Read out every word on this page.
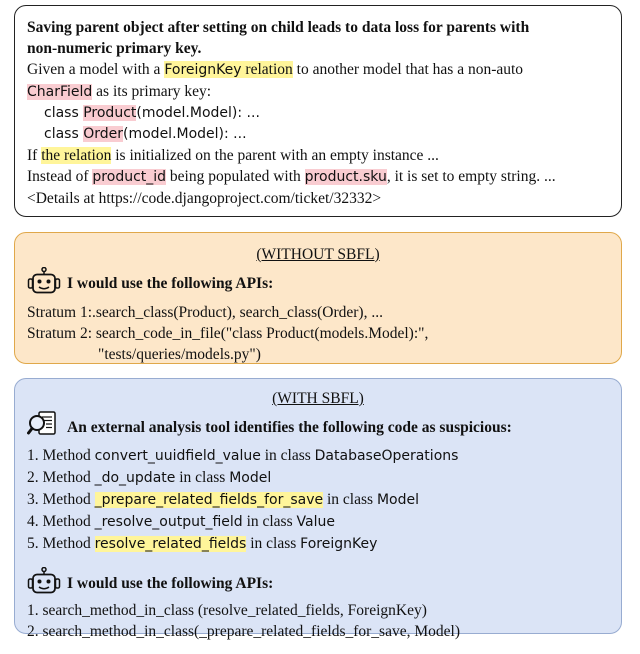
Saving parent object after setting on child leads to data loss for parents with
non-numeric primary key.
Given a model with a ForeignKey relation to another model that has a non-auto
CharField as its primary key:
class Product(model.Model): ...
class Order(model.Model): ...
If the relation is initialized on the parent with an empty instance ...
Instead of product_id being populated with product.sku, it is set to empty string. ...
<Details at https://code.djangoproject.com/ticket/32332>
(WITHOUT SBFL)
I would use the following APIs:
Stratum 1:.search_class(Product), search_class(Order), ...
Stratum 2: search_code_in_file("class Product(models.Model):",
"tests/queries/models.py")
(WITH SBFL)
An external analysis tool identifies the following code as suspicious:
1. Method convert_uuidfield_value in class DatabaseOperations
2. Method _do_update in class Model
3. Method _prepare_related_fields_for_save in class Model
4. Method _resolve_output_field in class Value
5. Method resolve_related_fields in class ForeignKey
I would use the following APIs:
1. search_method_in_class (resolve_related_fields, ForeignKey)
2. search_method_in_class(_prepare_related_fields_for_save, Model)
